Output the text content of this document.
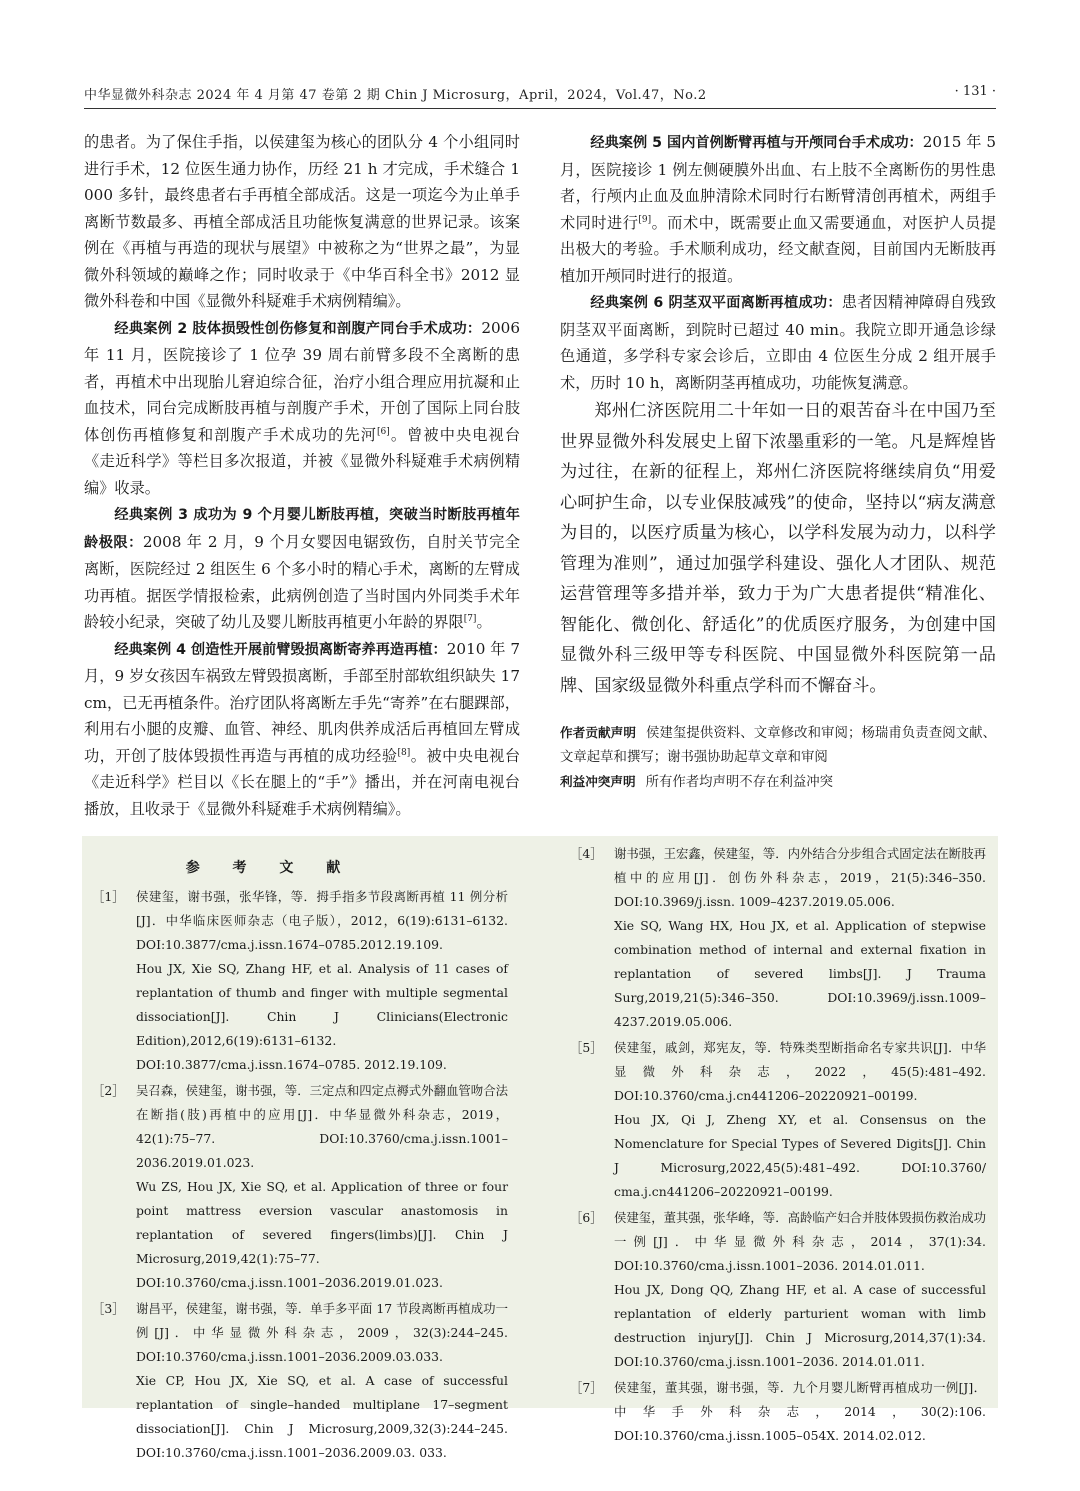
中华显微外科杂志 2024 年 4 月第 47 卷第 2 期 Chin J Microsurg，April，2024，Vol.47，No.2	· 131 ·

的患者。为了保住手指，以侯建玺为核心的团队分 4 个小组同时进行手术，12 位医生通力协作，历经 21 h 才完成，手术缝合 1 000 多针，最终患者右手再植全部成活。这是一项迄今为止单手离断节数最多、再植全部成活且功能恢复满意的世界记录。该案例在《再植与再造的现状与展望》中被称之为“世界之最”，为显微外科领域的巅峰之作；同时收录于《中华百科全书》2012 显微外科卷和中国《显微外科疑难手术病例精编》。

经典案例 2 肢体损毁性创伤修复和剖腹产同台手术成功：2006 年 11 月，医院接诊了 1 位孕 39 周右前臂多段不全离断的患者，再植术中出现胎儿窘迫综合征，治疗小组合理应用抗凝和止血技术，同台完成断肢再植与剖腹产手术，开创了国际上同台肢体创伤再植修复和剖腹产手术成功的先河[6]。曾被中央电视台《走近科学》等栏目多次报道，并被《显微外科疑难手术病例精编》收录。

经典案例 3 成功为 9 个月婴儿断肢再植，突破当时断肢再植年龄极限：2008 年 2 月，9 个月女婴因电锯致伤，自肘关节完全离断，医院经过 2 组医生 6 个多小时的精心手术，离断的左臂成功再植。据医学情报检索，此病例创造了当时国内外同类手术年龄较小纪录，突破了幼儿及婴儿断肢再植更小年龄的界限[7]。

经典案例 4 创造性开展前臂毁损离断寄养再造再植：2010 年 7 月，9 岁女孩因车祸致左臂毁损离断，手部至肘部软组织缺失 17 cm，已无再植条件。治疗团队将离断左手先“寄养”在右腿踝部，利用右小腿的皮瓣、血管、神经、肌肉供养成活后再植回左臂成功，开创了肢体毁损性再造与再植的成功经验[8]。被中央电视台《走近科学》栏目以《长在腿上的“手”》播出，并在河南电视台播放，且收录于《显微外科疑难手术病例精编》。

经典案例 5 国内首例断臂再植与开颅同台手术成功：2015 年 5 月，医院接诊 1 例左侧硬膜外出血、右上肢不全离断伤的男性患者，行颅内止血及血肿清除术同时行右断臂清创再植术，两组手术同时进行[9]。而术中，既需要止血又需要通血，对医护人员提出极大的考验。手术顺利成功，经文献查阅，目前国内无断肢再植加开颅同时进行的报道。

经典案例 6 阴茎双平面离断再植成功：患者因精神障碍自残致阴茎双平面离断，到院时已超过 40 min。我院立即开通急诊绿色通道，多学科专家会诊后，立即由 4 位医生分成 2 组开展手术，历时 10 h，离断阴茎再植成功，功能恢复满意。

郑州仁济医院用二十年如一日的艰苦奋斗在中国乃至世界显微外科发展史上留下浓墨重彩的一笔。凡是辉煌皆为过往，在新的征程上，郑州仁济医院将继续肩负“用爱心呵护生命，以专业保肢减残”的使命，坚持以“病友满意为目的，以医疗质量为核心，以学科发展为动力，以科学管理为准则”，通过加强学科建设、强化人才团队、规范运营管理等多措并举，致力于为广大患者提供“精准化、智能化、微创化、舒适化”的优质医疗服务，为创建中国显微外科三级甲等专科医院、中国显微外科医院第一品牌、国家级显微外科重点学科而不懈奋斗。

作者贡献声明 侯建玺提供资料、文章修改和审阅；杨瑞甫负责查阅文献、文章起草和撰写；谢书强协助起草文章和审阅

利益冲突声明 所有作者均声明不存在利益冲突

参 考 文 献
［1］ 侯建玺，谢书强，张华锋，等．拇手指多节段离断再植 11 例分析[J]．中华临床医师杂志（电子版），2012，6(19):6131–6132. DOI:10.3877/cma.j.issn.1674–0785.2012.19.109.
Hou JX, Xie SQ, Zhang HF, et al. Analysis of 11 cases of replantation of thumb and finger with multiple segmental dissociation[J]. Chin J Clinicians(Electronic Edition),2012,6(19):6131–6132. DOI:10.3877/cma.j.issn.1674–0785. 2012.19.109.
［2］ 吴召森，侯建玺，谢书强，等．三定点和四定点褥式外翻血管吻合法在断指(肢)再植中的应用[J]．中华显微外科杂志，2019，42(1):75–77. DOI:10.3760/cma.j.issn.1001–2036.2019.01.023.
Wu ZS, Hou JX, Xie SQ, et al. Application of three or four point mattress eversion vascular anastomosis in replantation of severed fingers(limbs)[J]. Chin J Microsurg,2019,42(1):75–77. DOI:10.3760/cma.j.issn.1001–2036.2019.01.023.
［3］ 谢昌平，侯建玺，谢书强，等．单手多平面 17 节段离断再植成功一例[J]．中华显微外科杂志，2009，32(3):244–245. DOI:10.3760/cma.j.issn.1001–2036.2009.03.033.
Xie CP, Hou JX, Xie SQ, et al. A case of successful replantation of single–handed multiplane 17–segment dissociation[J]. Chin J Microsurg,2009,32(3):244–245. DOI:10.3760/cma.j.issn.1001–2036.2009.03. 033.
［4］ 谢书强，王宏鑫，侯建玺，等．内外结合分步组合式固定法在断肢再植中的应用[J]．创伤外科杂志，2019，21(5):346–350. DOI:10.3969/j.issn. 1009–4237.2019.05.006.
Xie SQ, Wang HX, Hou JX, et al. Application of stepwise combination method of internal and external fixation in replantation of severed limbs[J]. J Trauma Surg,2019,21(5):346–350. DOI:10.3969/j.issn.1009–4237.2019.05.006.
［5］ 侯建玺，戚剑，郑宪友，等．特殊类型断指命名专家共识[J]．中华显微外科杂志，2022，45(5):481–492. DOI:10.3760/cma.j.cn441206–20220921–00199.
Hou JX, Qi J, Zheng XY, et al. Consensus on the Nomenclature for Special Types of Severed Digits[J]. Chin J Microsurg,2022,45(5):481–492. DOI:10.3760/ cma.j.cn441206–20220921–00199.
［6］ 侯建玺，董其强，张华峰，等．高龄临产妇合并肢体毁损伤救治成功一例[J]．中华显微外科杂志，2014，37(1):34. DOI:10.3760/cma.j.issn.1001–2036. 2014.01.011.
Hou JX, Dong QQ, Zhang HF, et al. A case of successful replantation of elderly parturient woman with limb destruction injury[J]. Chin J Microsurg,2014,37(1):34. DOI:10.3760/cma.j.issn.1001–2036. 2014.01.011.
［7］ 侯建玺，董其强，谢书强，等．九个月婴儿断臂再植成功一例[J]．中华手外科杂志，2014，30(2):106. DOI:10.3760/cma.j.issn.1005–054X. 2014.02.012.
